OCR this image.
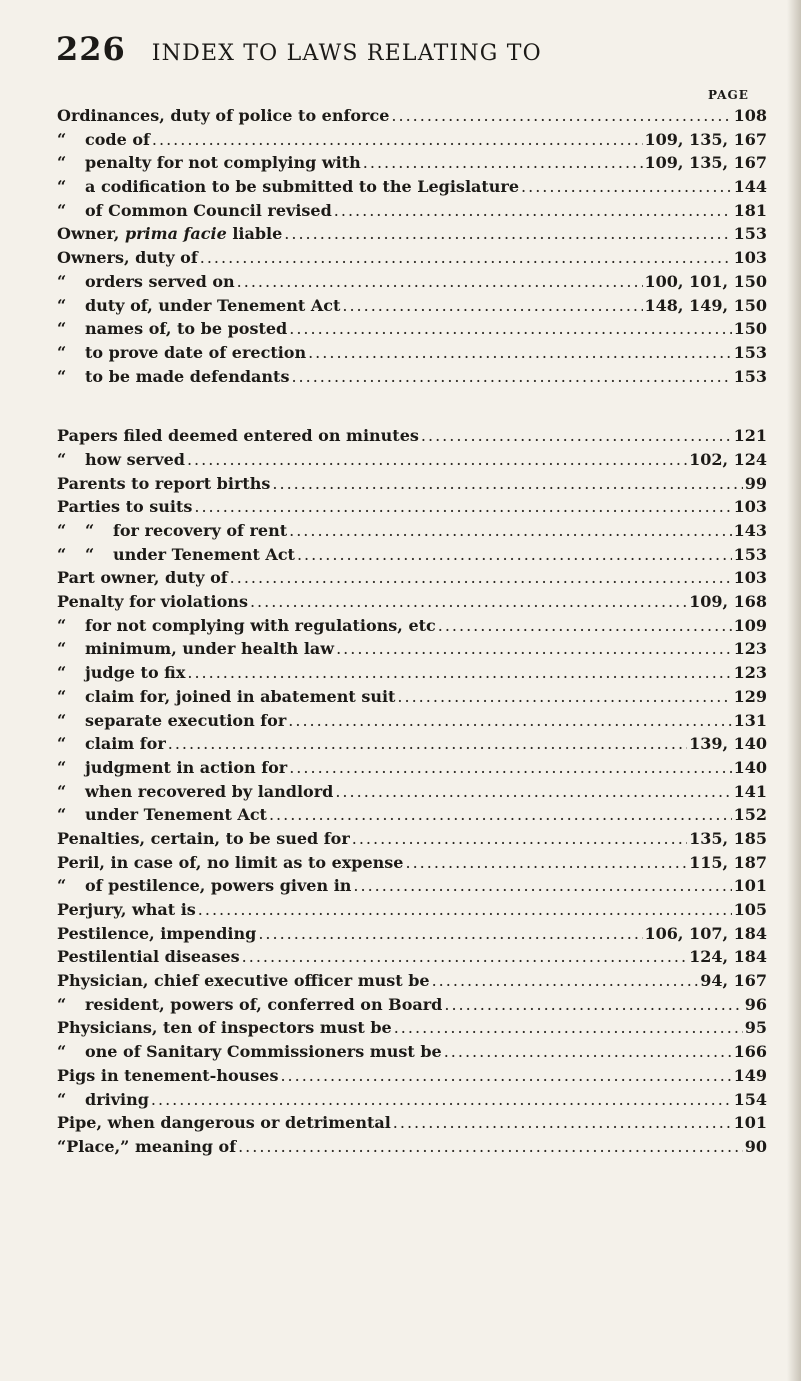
226 INDEX TO LAWS RELATING TO
PAGE
Ordinances, duty of police to enforce .....	108
“ code of .....	109, 135, 167
“ penalty for not complying with .....	109, 135, 167
“ a codification to be submitted to the Legislature .....	144
“ of Common Council revised .....	181
Owner, prima facie liable .....	153
Owners, duty of .....	103
“ orders served on .....	100, 101, 150
“ duty of, under Tenement Act .....	148, 149, 150
“ names of, to be posted .....	150
“ to prove date of erection .....	153
“ to be made defendants .....	153
Papers filed deemed entered on minutes .....	121
“ how served .....	102, 124
Parents to report births .....	99
Parties to suits .....	103
“ “ for recovery of rent .....	143
“ “ under Tenement Act .....	153
Part owner, duty of .....	103
Penalty for violations .....	109, 168
“ for not complying with regulations, etc .....	109
“ minimum, under health law .....	123
“ judge to fix .....	123
“ claim for, joined in abatement suit .....	129
“ separate execution for .....	131
“ claim for .....	139, 140
“ judgment in action for .....	140
“ when recovered by landlord .....	141
“ under Tenement Act .....	152
Penalties, certain, to be sued for .....	135, 185
Peril, in case of, no limit as to expense .....	115, 187
“ of pestilence, powers given in .....	101
Perjury, what is .....	105
Pestilence, impending .....	106, 107, 184
Pestilential diseases .....	124, 184
Physician, chief executive officer must be .....	94, 167
“ resident, powers of, conferred on Board .....	96
Physicians, ten of inspectors must be .....	95
“ one of Sanitary Commissioners must be .....	166
Pigs in tenement-houses .....	149
“ driving .....	154
Pipe, when dangerous or detrimental .....	101
“Place,” meaning of .....	90
